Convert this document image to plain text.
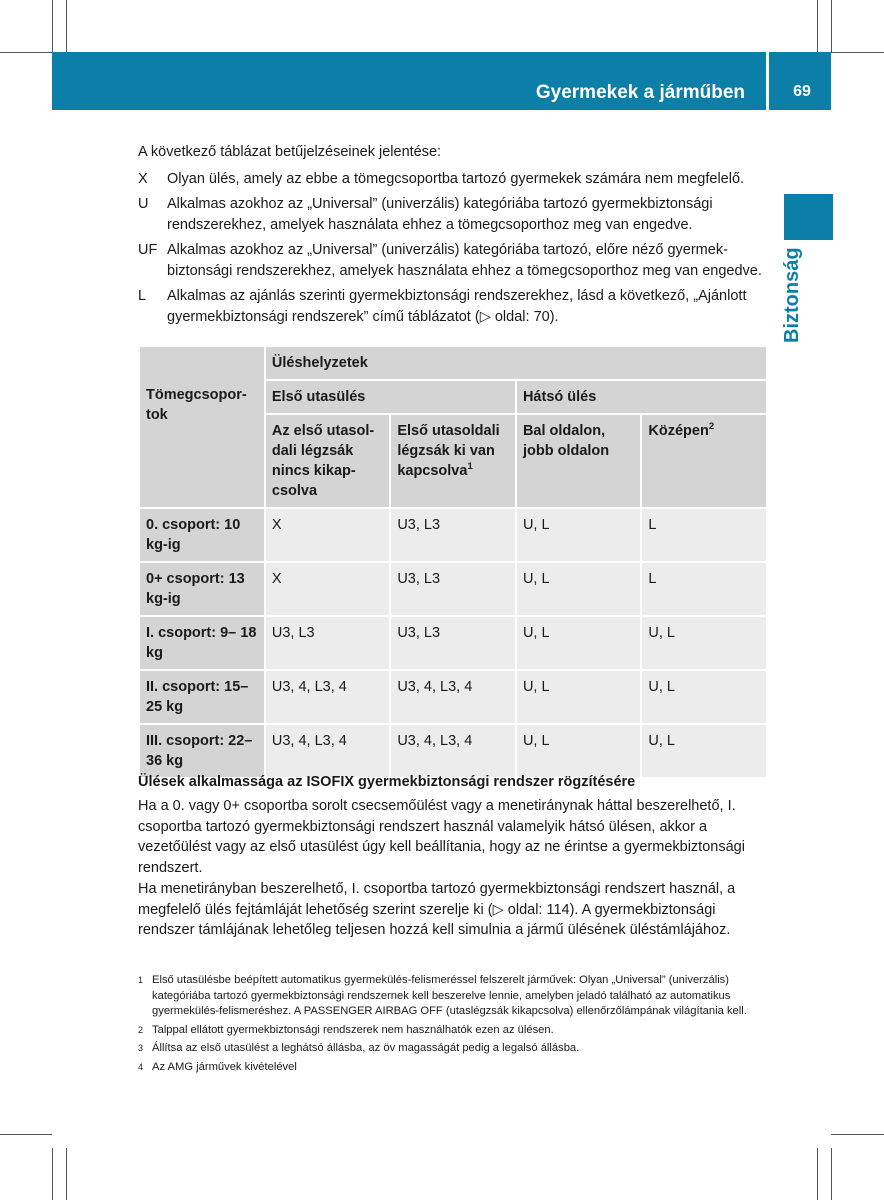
Gyermekek a járműben	69
Biztonság

A következő táblázat betűjelzéseinek jelentése:

X	Olyan ülés, amely az ebbe a tömegcsoportba tartozó gyermekek számára nem megfelelő.
U	Alkalmas azokhoz az „Universal” (univerzális) kategóriába tartozó gyermekbiztonsági rendszerekhez, amelyek használata ehhez a tömegcsoporthoz meg van engedve.
UF Alkalmas azokhoz az „Universal” (univerzális) kategóriába tartozó, előre néző gyermek-biztonsági rendszerekhez, amelyek használata ehhez a tömegcsoporthoz meg van engedve.
L	Alkalmas az ajánlás szerinti gyermekbiztonsági rendszerekhez, lásd a következő, „Ajánlott gyermekbiztonsági rendszerek” című táblázatot (▷ oldal: 70).
Tömegcsopor-tok	Üléshelyzetek			
	Első utasülés		Hátsó ülés	
	Az első utasol-dali légzsák nincs kikap-csolva	Első utasoldali légzsák ki van kapcsolva$^1$	Bal oldalon, jobb oldalon	Középen$^2$
0. csoport: 10 kg-ig	X	U3, L3	U, L	L
0+ csoport: 13 kg-ig	X	U3, L3	U, L	L
I. csoport: 9– 18 kg	U3, L3	U3, L3	U, L	U, L
II. csoport: 15– 25 kg	U3, 4, L3, 4	U3, 4, L3, 4	U, L	U, L
III. csoport: 22–36 kg	U3, 4, L3, 4	U3, 4, L3, 4	U, L	U, L
Ülések alkalmassága az ISOFIX gyermekbiztonsági rendszer rögzítésére

Ha a 0. vagy 0+ csoportba sorolt csecsemőülést vagy a menetiránynak háttal beszerelhető, I. csoportba tartozó gyermekbiztonsági rendszert használ valamelyik hátsó ülésen, akkor a vezetőülést vagy az első utasülést úgy kell beállítania, hogy az ne érintse a gyermekbiztonsági rendszert.

Ha menetirányban beszerelhető, I. csoportba tartozó gyermekbiztonsági rendszert használ, a megfelelő ülés fejtámláját lehetőség szerint szerelje ki (▷ oldal: 114). A gyermekbiztonsági rendszer támlájának lehetőleg teljesen hozzá kell simulnia a jármű ülésének üléstámlájához.

1 Első utasülésbe beépített automatikus gyermekülés-felismeréssel felszerelt járművek: Olyan „Universal” (univerzális) kategóriába tartozó gyermekbiztonsági rendszernek kell beszerelve lennie, amelyben jeladó található az automatikus gyermekülés-felismeréshez. A PASSENGER AIRBAG OFF (utaslégzsák kikapcsolva) ellenőrzőlámpának világítania kell.
2 Talppal ellátott gyermekbiztonsági rendszerek nem használhatók ezen az ülésen.
3 Állítsa az első utasülést a leghátsó állásba, az öv magasságát pedig a legalsó állásba.
4 Az AMG járművek kivételével
